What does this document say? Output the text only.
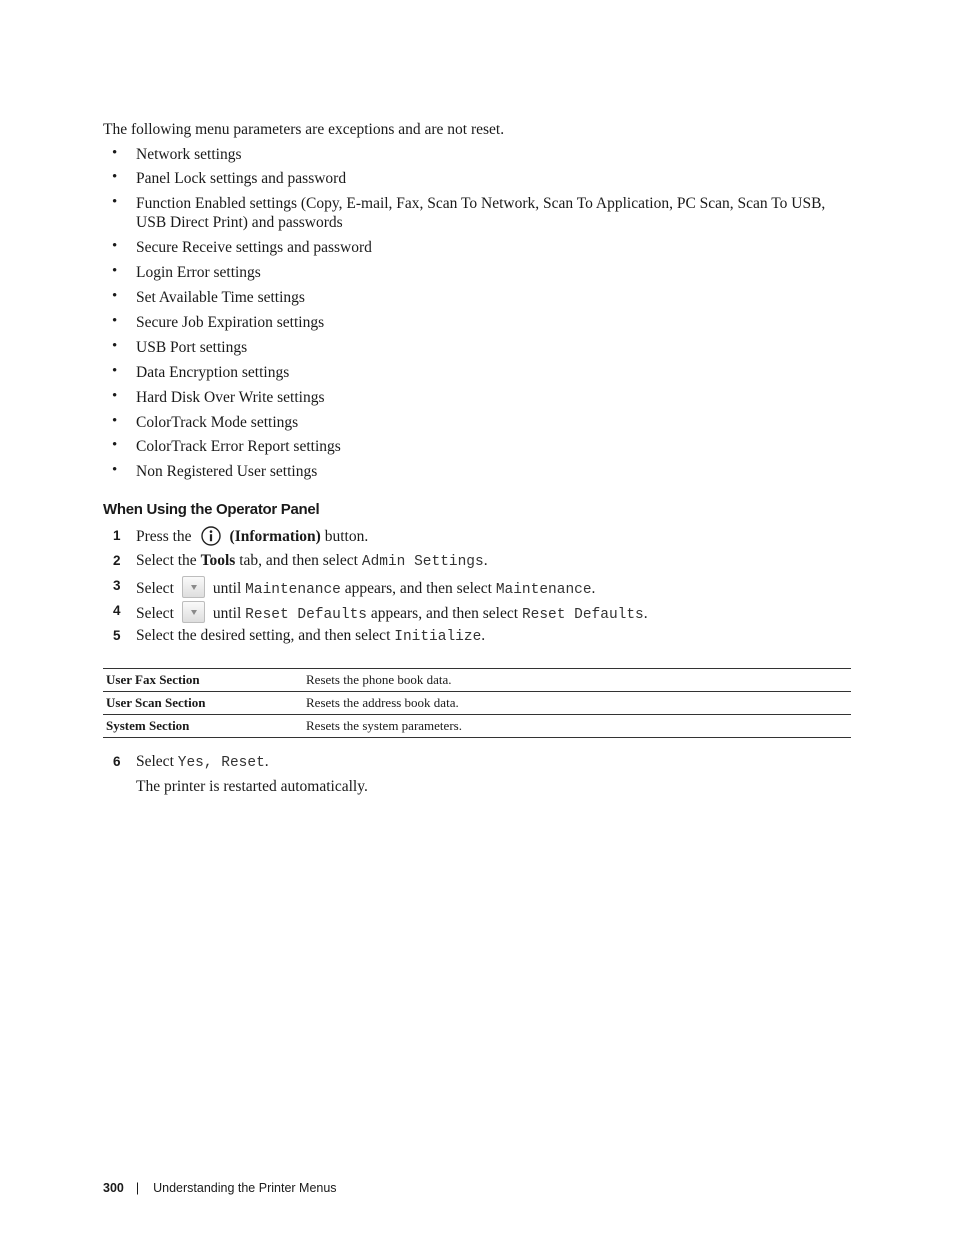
The following menu parameters are exceptions and are not reset.
• Network settings
• Panel Lock settings and password
• Function Enabled settings (Copy, E-mail, Fax, Scan To Network, Scan To Application, PC Scan, Scan To USB,
USB Direct Print) and passwords
• Secure Receive settings and password
• Login Error settings
• Set Available Time settings
• Secure Job Expiration settings
• USB Port settings
• Data Encryption settings
• Hard Disk Over Write settings
• ColorTrack Mode settings
• ColorTrack Error Report settings
• Non Registered User settings
When Using the Operator Panel
1 Press the (Information) button.
2 Select the Tools tab, and then select Admin Settings.
3 Select	until Maintenance appears, and then select Maintenance.
4 Select	until Reset Defaults appears, and then select Reset Defaults.
5 Select the desired setting, and then select Initialize.
User Fax Section	Resets the phone book data.
User Scan Section	Resets the address book data.
System Section	Resets the system parameters.
6 Select Yes, Reset.
The printer is restarted automatically.
300 | Understanding the Printer Menus
